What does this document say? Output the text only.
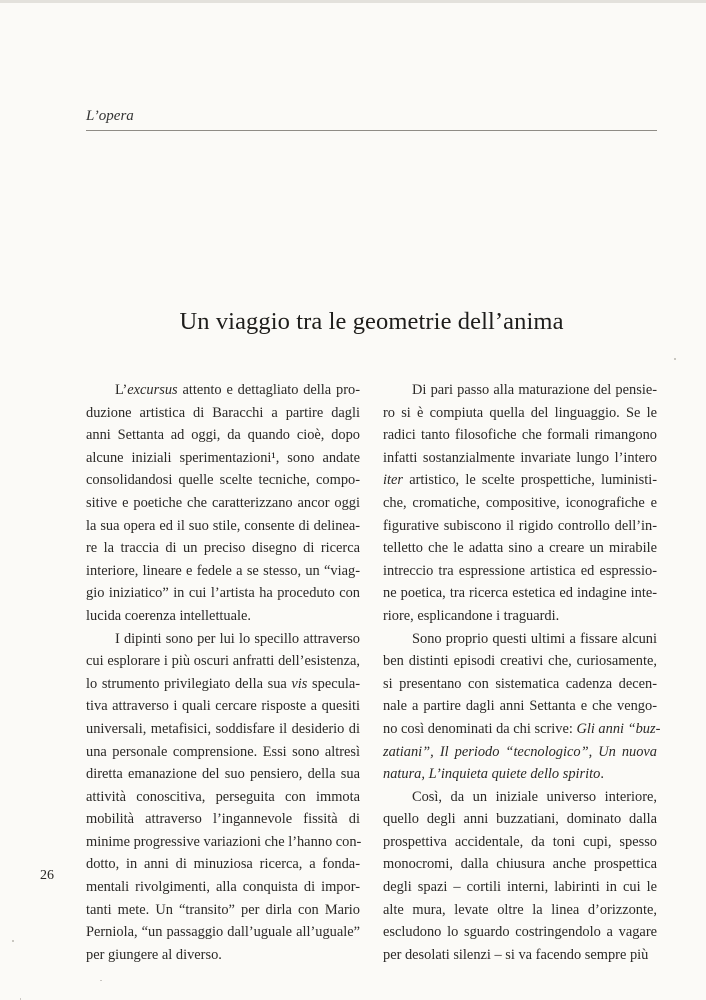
L’opera
Un viaggio tra le geometrie dell’anima
L’excursus attento e dettagliato della pro-
duzione artistica di Baracchi a partire dagli
anni Settanta ad oggi, da quando cioè, dopo
alcune iniziali sperimentazioni¹, sono andate
consolidandosi quelle scelte tecniche, compo-
sitive e poetiche che caratterizzano ancor oggi
la sua opera ed il suo stile, consente di delinea-
re la traccia di un preciso disegno di ricerca
interiore, lineare e fedele a se stesso, un “viag-
gio iniziatico” in cui l’artista ha proceduto con
lucida coerenza intellettuale.
I dipinti sono per lui lo specillo attraverso
cui esplorare i più oscuri anfratti dell’esistenza,
lo strumento privilegiato della sua vis specula-
tiva attraverso i quali cercare risposte a quesiti
universali, metafisici, soddisfare il desiderio di
una personale comprensione. Essi sono altresì
diretta emanazione del suo pensiero, della sua
attività conoscitiva, perseguita con immota
mobilità attraverso l’ingannevole fissità di
minime progressive variazioni che l’hanno con-
dotto, in anni di minuziosa ricerca, a fonda-
mentali rivolgimenti, alla conquista di impor-
tanti mete. Un “transito” per dirla con Mario
Perniola, “un passaggio dall’uguale all’uguale”
per giungere al diverso.
Di pari passo alla maturazione del pensie-
ro si è compiuta quella del linguaggio. Se le
radici tanto filosofiche che formali rimangono
infatti sostanzialmente invariate lungo l’intero
iter artistico, le scelte prospettiche, luministi-
che, cromatiche, compositive, iconografiche e
figurative subiscono il rigido controllo dell’in-
telletto che le adatta sino a creare un mirabile
intreccio tra espressione artistica ed espressio-
ne poetica, tra ricerca estetica ed indagine inte-
riore, esplicandone i traguardi.
Sono proprio questi ultimi a fissare alcuni
ben distinti episodi creativi che, curiosamente,
si presentano con sistematica cadenza decen-
nale a partire dagli anni Settanta e che vengo-
no così denominati da chi scrive: Gli anni “buz-
zatiani”, Il periodo “tecnologico”, Un nuova
natura, L’inquieta quiete dello spirito.
Così, da un iniziale universo interiore,
quello degli anni buzzatiani, dominato dalla
prospettiva accidentale, da toni cupi, spesso
monocromi, dalla chiusura anche prospettica
degli spazi – cortili interni, labirinti in cui le
alte mura, levate oltre la linea d’orizzonte,
escludono lo sguardo costringendolo a vagare
per desolati silenzi – si va facendo sempre più
26
